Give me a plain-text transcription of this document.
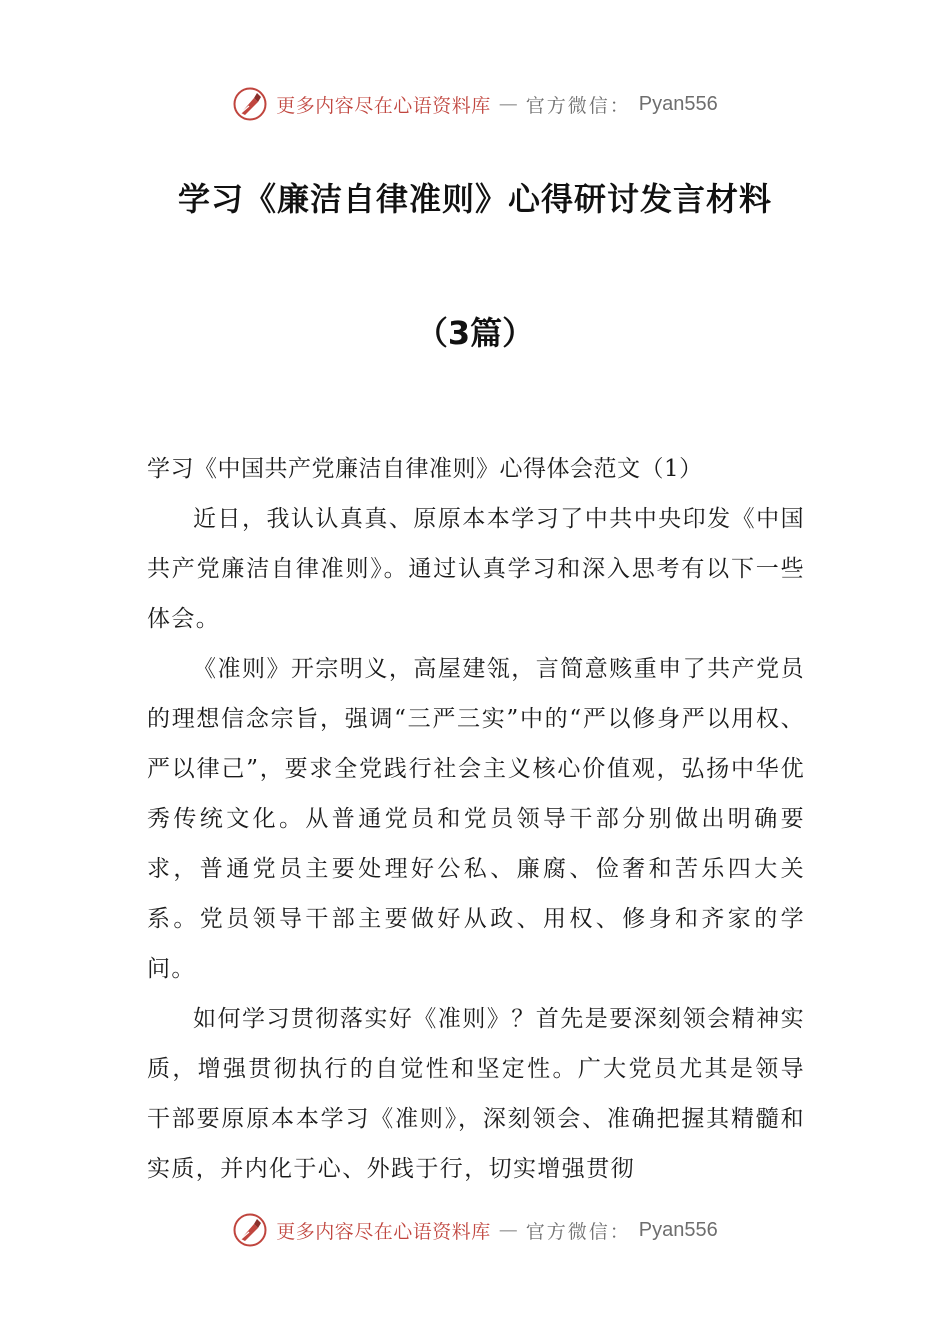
更多内容尽在心语资料库 — 官方微信： Pyan556
学习《廉洁自律准则》心得研讨发言材料
（3篇）

学习《中国共产党廉洁自律准则》心得体会范文（1）

近日，我认认真真、原原本本学习了中共中央印发《中国共产党廉洁自律准则》。通过认真学习和深入思考有以下一些体会。

《准则》开宗明义，高屋建瓴，言简意赅重申了共产党员的理想信念宗旨，强调“三严三实”中的“严以修身严以用权、严以律己”，要求全党践行社会主义核心价值观，弘扬中华优秀传统文化。从普通党员和党员领导干部分别做出明确要求，普通党员主要处理好公私、廉腐、俭奢和苦乐四大关系。党员领导干部主要做好从政、用权、修身和齐家的学问。

如何学习贯彻落实好《准则》？首先是要深刻领会精神实质，增强贯彻执行的自觉性和坚定性。广大党员尤其是领导干部要原原本本学习《准则》，深刻领会、准确把握其精髓和实质，并内化于心、外践于行，切实增强贯彻

更多内容尽在心语资料库 — 官方微信： Pyan556
